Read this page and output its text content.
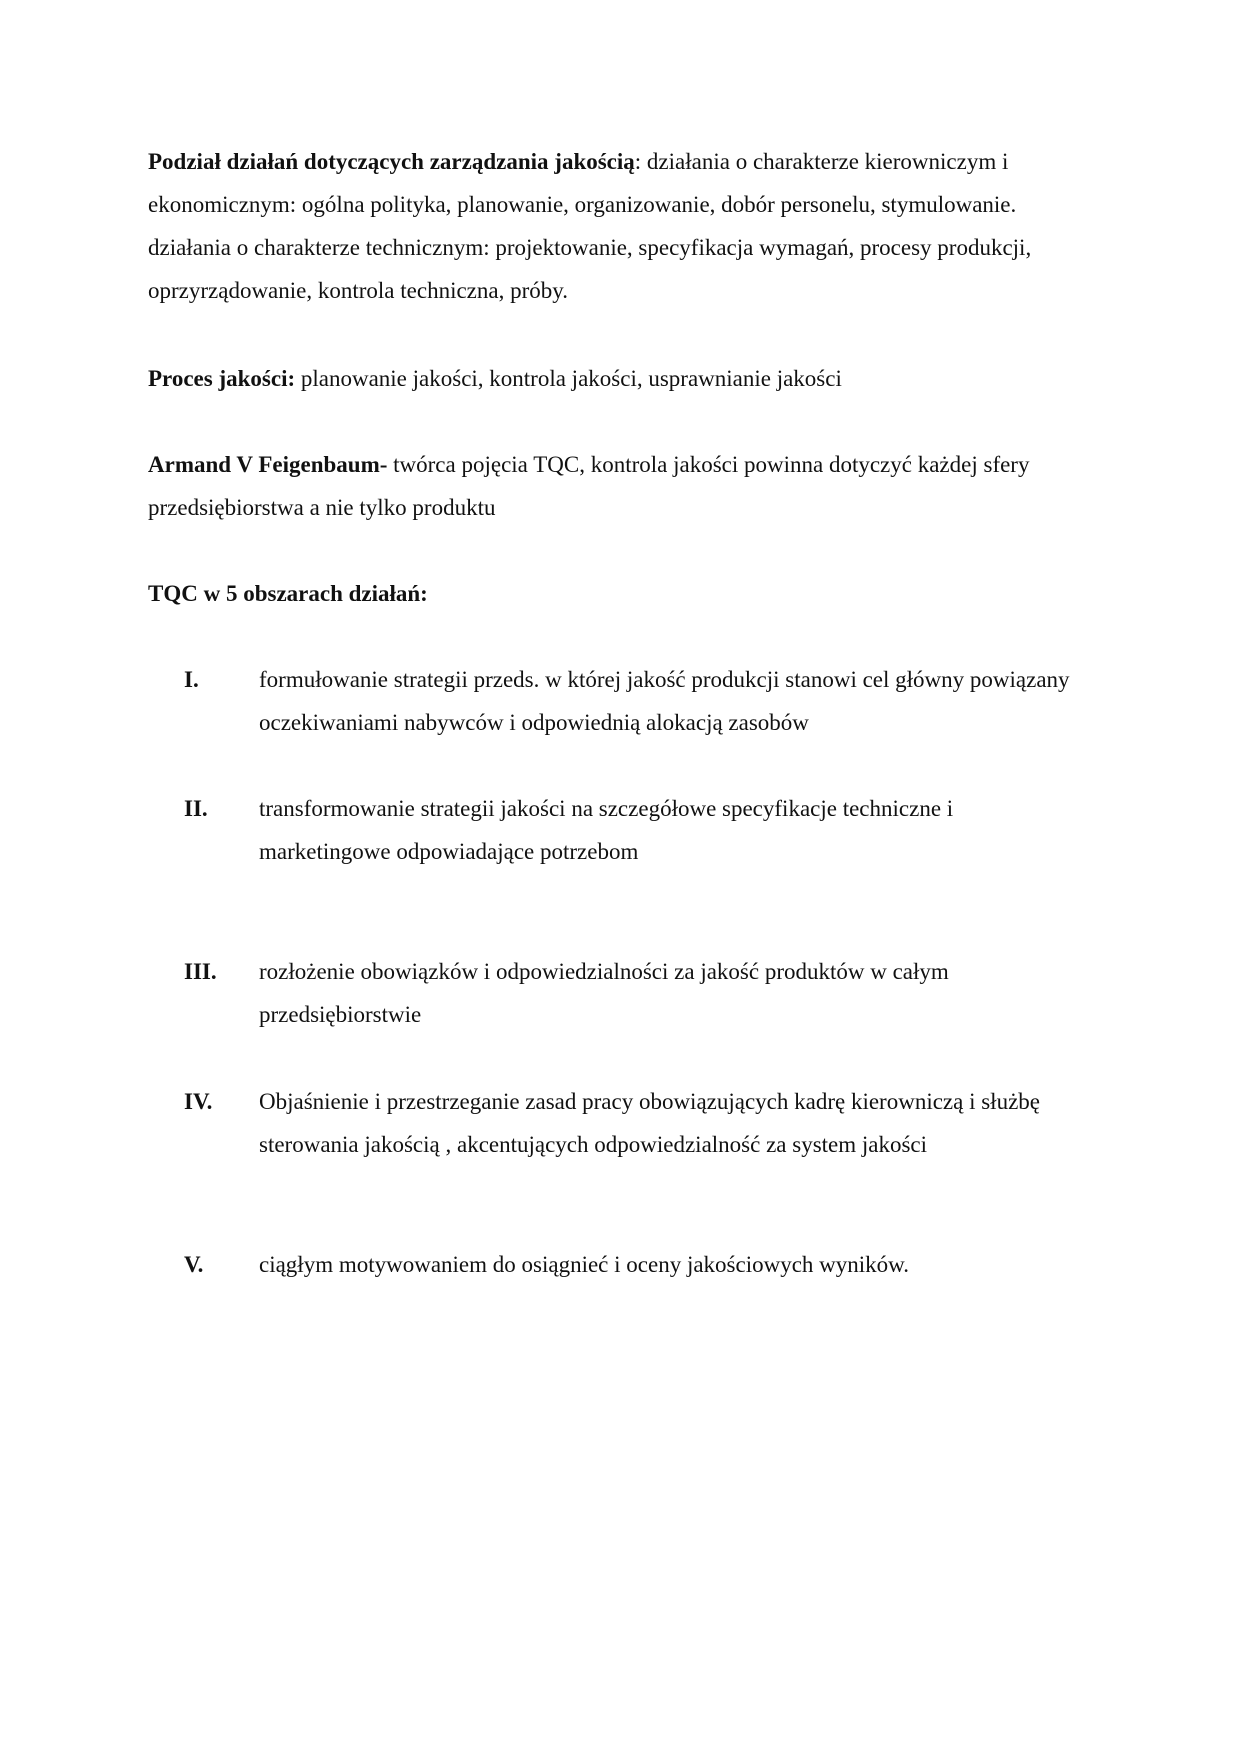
Podział działań dotyczących zarządzania jakością: działania o charakterze kierowniczym i ekonomicznym: ogólna polityka, planowanie, organizowanie, dobór personelu, stymulowanie. działania o charakterze technicznym: projektowanie, specyfikacja wymagań, procesy produkcji, oprzyrządowanie, kontrola techniczna, próby.

Proces jakości: planowanie jakości, kontrola jakości, usprawnianie jakości

Armand V Feigenbaum- twórca pojęcia TQC, kontrola jakości powinna dotyczyć każdej sfery przedsiębiorstwa a nie tylko produktu

TQC w 5 obszarach działań:

I.	formułowanie strategii przeds. w której jakość produkcji stanowi cel główny powiązany oczekiwaniami nabywców i odpowiednią alokacją zasobów
II. transformowanie strategii jakości na szczegółowe specyfikacje techniczne i marketingowe odpowiadające potrzebom
III. rozłożenie obowiązków i odpowiedzialności za jakość produktów w całym przedsiębiorstwie
IV. Objaśnienie i przestrzeganie zasad pracy obowiązujących kadrę kierowniczą i służbę sterowania jakością , akcentujących odpowiedzialność za system jakości
V. ciągłym motywowaniem do osiągnieć i oceny jakościowych wyników.
